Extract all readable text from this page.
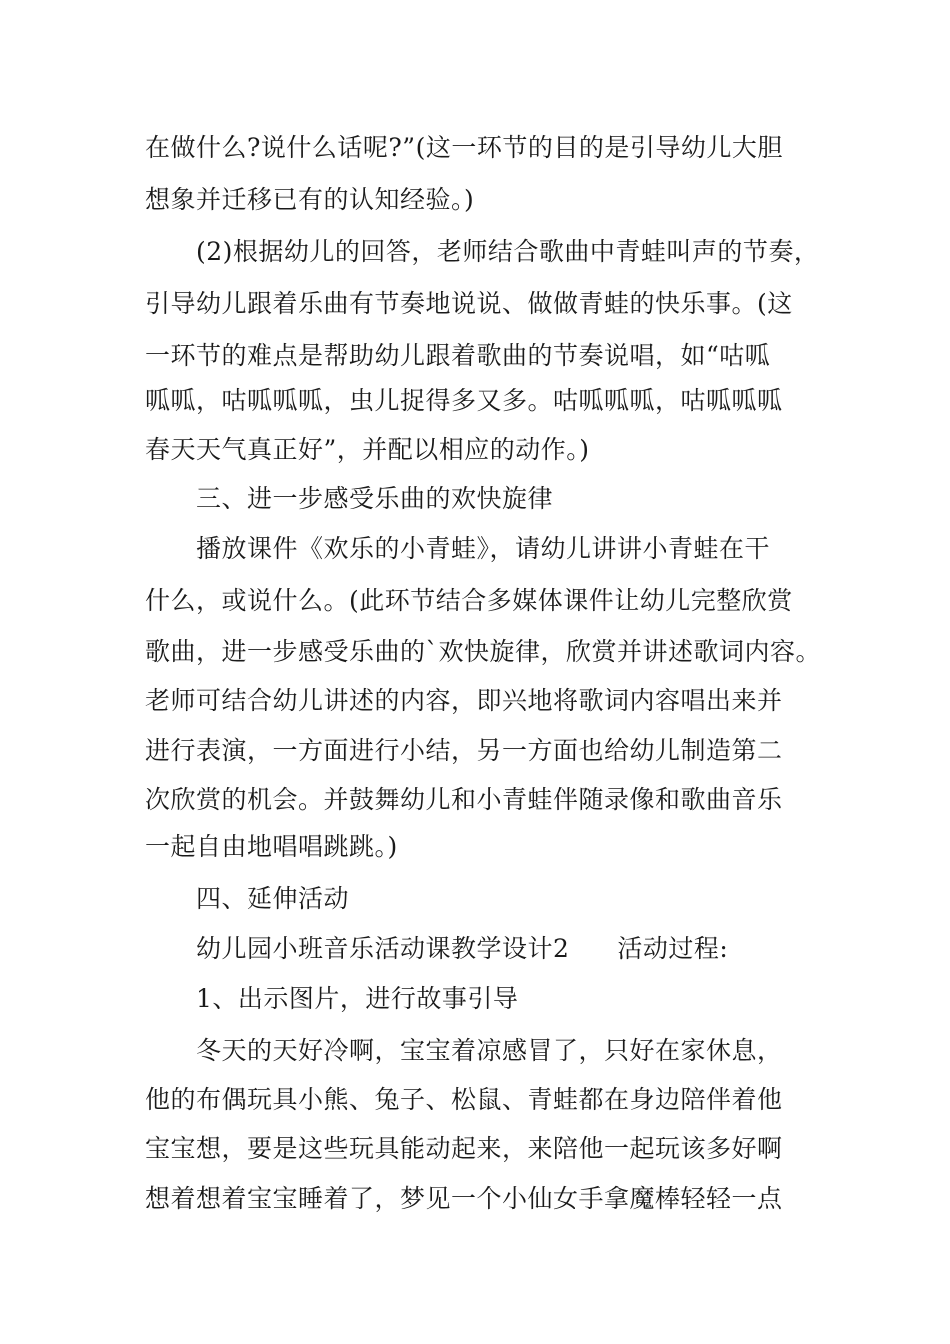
在做什么?说什么话呢?”(这一环节的目的是引导幼儿大胆
想象并迁移已有的认知经验。)
(2)根据幼儿的回答，老师结合歌曲中青蛙叫声的节奏，
引导幼儿跟着乐曲有节奏地说说、做做青蛙的快乐事。(这
一环节的难点是帮助幼儿跟着歌曲的节奏说唱，如“咕呱
呱呱，咕呱呱呱，虫儿捉得多又多。咕呱呱呱，咕呱呱呱
春天天气真正好”，并配以相应的动作。)
三、进一步感受乐曲的欢快旋律
播放课件《欢乐的小青蛙》，请幼儿讲讲小青蛙在干
什么，或说什么。(此环节结合多媒体课件让幼儿完整欣赏
歌曲，进一步感受乐曲的`欢快旋律，欣赏并讲述歌词内容。
老师可结合幼儿讲述的内容，即兴地将歌词内容唱出来并
进行表演，一方面进行小结，另一方面也给幼儿制造第二
次欣赏的机会。并鼓舞幼儿和小青蛙伴随录像和歌曲音乐
一起自由地唱唱跳跳。)
四、延伸活动
幼儿园小班音乐活动课教学设计2 活动过程:
1、出示图片，进行故事引导
冬天的天好冷啊，宝宝着凉感冒了，只好在家休息，
他的布偶玩具小熊、兔子、松鼠、青蛙都在身边陪伴着他
宝宝想，要是这些玩具能动起来，来陪他一起玩该多好啊
想着想着宝宝睡着了，梦见一个小仙女手拿魔棒轻轻一点
